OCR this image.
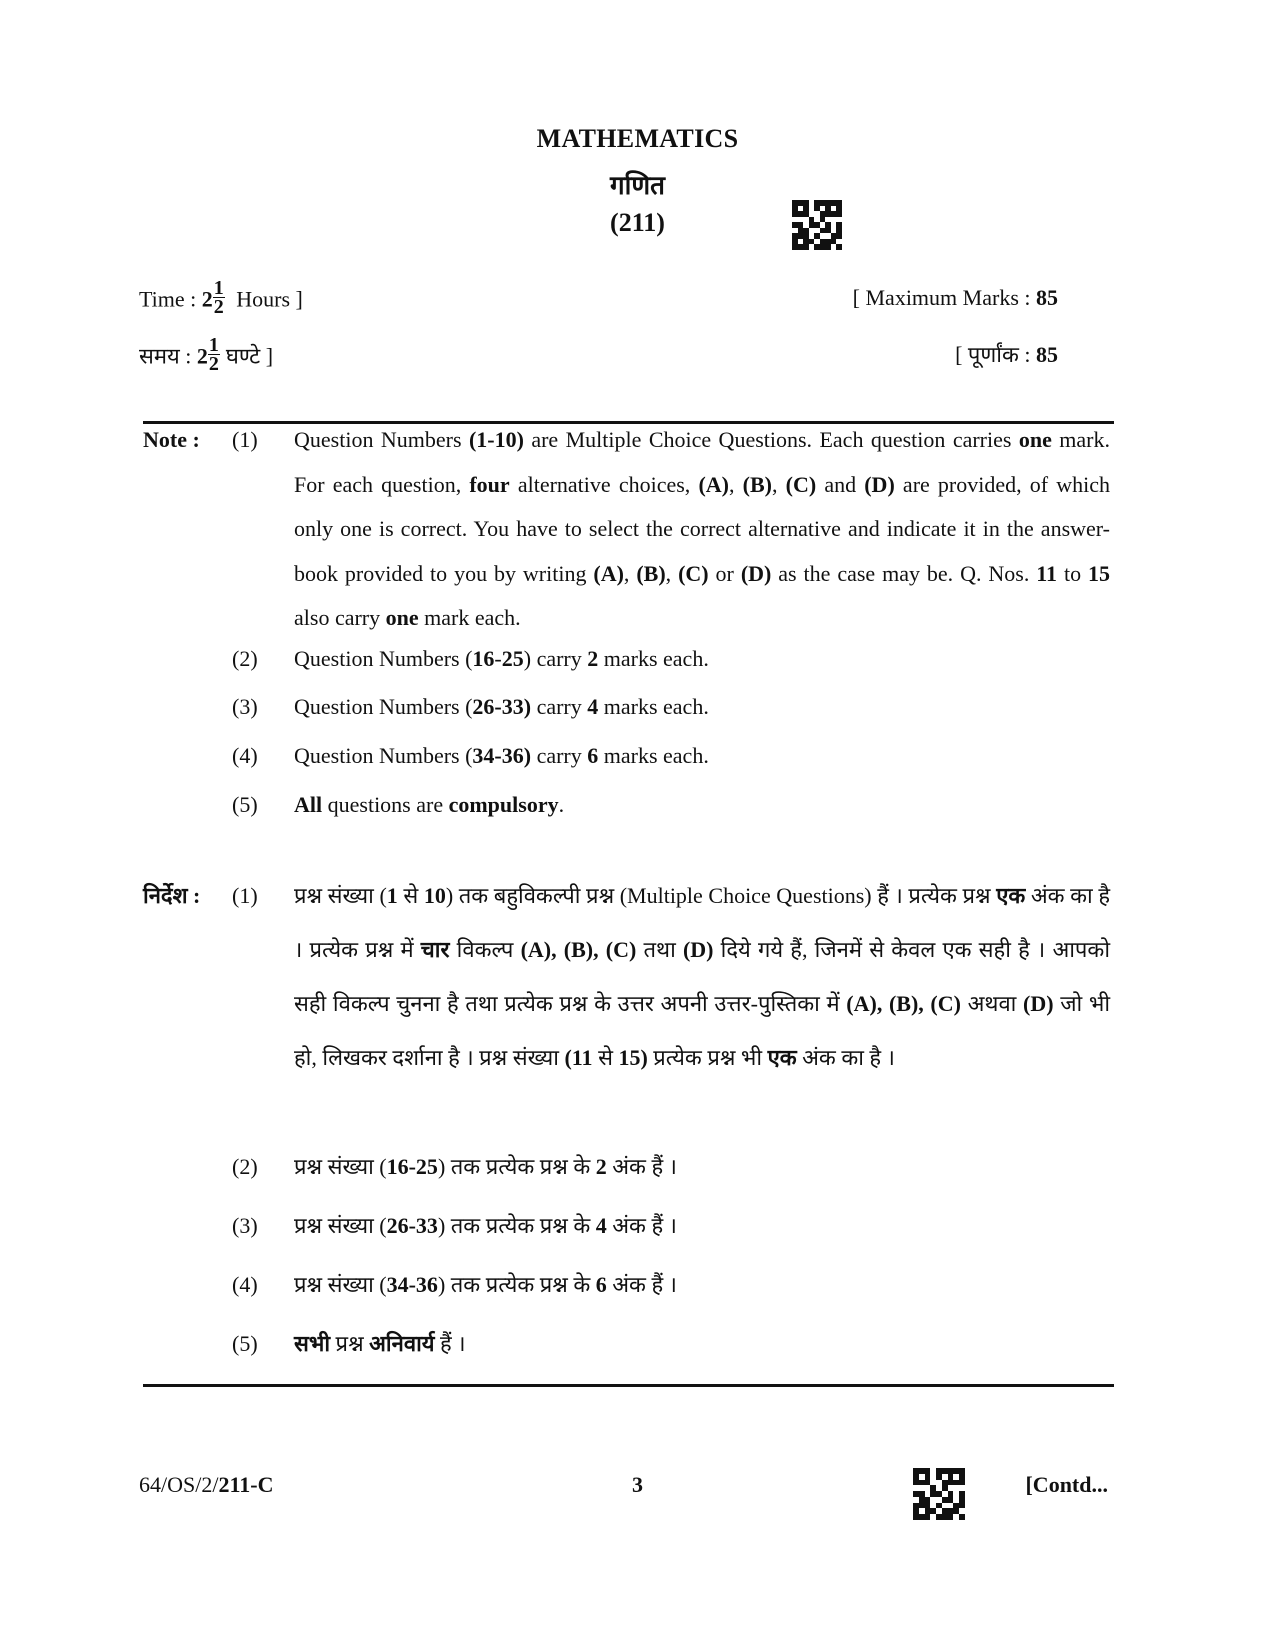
MATHEMATICS
गणित
(211)
Time : $2 \frac{1}{2}$ Hours ]	[ Maximum Marks : 85
समय : $2 \frac{1}{2}$ घण्टे ]	[ पूर्णांक : 85
Note : (1) Question Numbers (1-10) are Multiple Choice Questions. Each question carries one mark. For each question, four alternative choices, (A), (B), (C) and (D) are provided, of which only one is correct. You have to select the correct alternative and indicate it in the answer-book provided to you by writing (A), (B), (C) or (D) as the case may be. Q. Nos. 11 to 15 also carry one mark each.
(2) Question Numbers (16-25) carry 2 marks each.
(3) Question Numbers (26-33) carry 4 marks each.
(4) Question Numbers (34-36) carry 6 marks each.
(5) All questions are compulsory.
निर्देश : (1) प्रश्न संख्या (1 से 10) तक बहुविकल्पी प्रश्न (Multiple Choice Questions) हैं । प्रत्येक प्रश्न एक अंक का है । प्रत्येक प्रश्न में चार विकल्प (A), (B), (C) तथा (D) दिये गये हैं, जिनमें से केवल एक सही है । आपको सही विकल्प चुनना है तथा प्रत्येक प्रश्न के उत्तर अपनी उत्तर-पुस्तिका में (A), (B), (C) अथवा (D) जो भी हो, लिखकर दर्शाना है । प्रश्न संख्या (11 से 15) प्रत्येक प्रश्न भी एक अंक का है ।
(2) प्रश्न संख्या (16-25) तक प्रत्येक प्रश्न के 2 अंक हैं ।
(3) प्रश्न संख्या (26-33) तक प्रत्येक प्रश्न के 4 अंक हैं ।
(4) प्रश्न संख्या (34-36) तक प्रत्येक प्रश्न के 6 अंक हैं ।
(5) सभी प्रश्न अनिवार्य हैं ।
64/OS/2/211-C	3	[Contd...
